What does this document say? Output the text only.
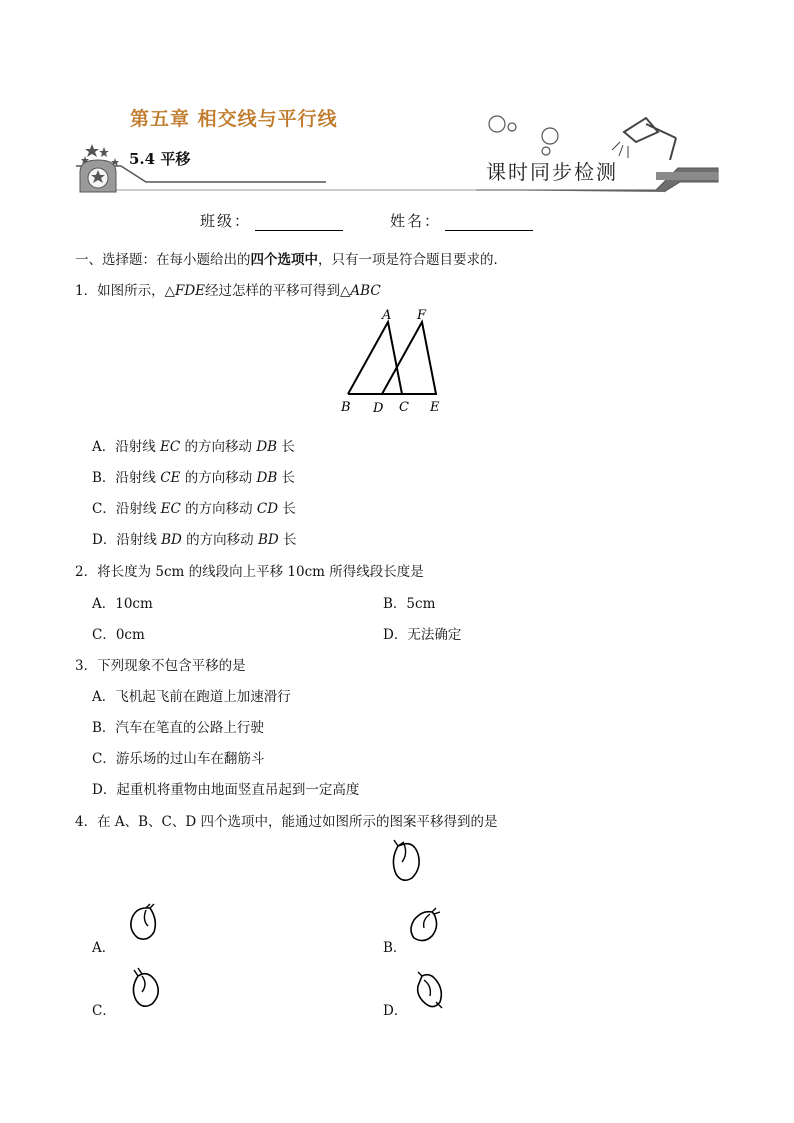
第五章 相交线与平行线
5.4 平移
课时同步检测
班级：	姓名：
一、选择题：在每小题给出的四个选项中，只有一项是符合题目要求的．
1．如图所示，△FDE经过怎样的平移可得到△ABC
A F
B D C E
A．沿射线 EC 的方向移动 DB 长
B．沿射线 CE 的方向移动 DB 长
C．沿射线 EC 的方向移动 CD 长
D．沿射线 BD 的方向移动 BD 长
2．将长度为 5cm 的线段向上平移 10cm 所得线段长度是
A．10cm	B．5cm
C．0cm	D．无法确定
3．下列现象不包含平移的是
A．飞机起飞前在跑道上加速滑行
B．汽车在笔直的公路上行驶
C．游乐场的过山车在翻筋斗
D．起重机将重物由地面竖直吊起到一定高度
4．在 A、B、C、D 四个选项中，能通过如图所示的图案平移得到的是
A．	B．
C．	D．
